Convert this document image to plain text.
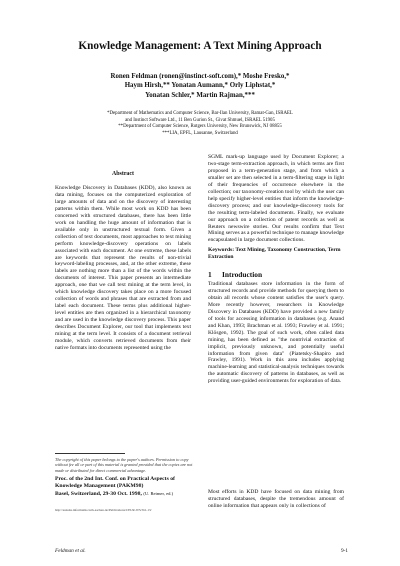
Knowledge Management: A Text Mining Approach
Ronen Feldman (ronen@instinct-soft.com),* Moshe Fresko,*
Haym Hirsh,** Yonatan Aumann,* Orly Liphstat,*
Yonatan Schler,* Martin Rajman,***
*Department of Mathematics and Computer Science, Bar-Ilan University, Ramat-Gan, ISRAEL
and Instinct Software Ltd., 11 Ben Gurion St., Givat Shmuel, ISRAEL 51905
**Department of Computer Science, Rutgers University, New Brunswick, NJ 08855
***LIA, EPFL, Lausanne, Switzerland
Abstract

Knowledge Discovery in Databases (KDD), also known as data mining, focuses on the computerized exploration of large amounts of data and on the discovery of interesting patterns within them. While most work on KDD has been concerned with structured databases, there has been little work on handling the huge amount of information that is available only in unstructured textual form. Given a collection of text documents, most approaches to text mining perform knowledge-discovery operations on labels associated with each document. At one extreme, these labels are keywords that represent the results of non-trivial keyword-labeling processes, and, at the other extreme, these labels are nothing more than a list of the words within the documents of interest. This paper presents an intermediate approach, one that we call text mining at the term level, in which knowledge discovery takes place on a more focused collection of words and phrases that are extracted from and label each document. These terms plus additional higher-level entities are then organized in a hierarchical taxonomy and are used in the knowledge discovery process. This paper describes Document Explorer, our tool that implements text mining at the term level. It consists of a document retrieval module, which converts retrieved documents from their native formats into documents represented using the

The copyright of this paper belongs to the paper's authors. Permission to copy without fee all or part of this material is granted provided that the copies are not made or distributed for direct commercial advantage.
Proc. of the 2nd Int. Conf. on Practical Aspects of
Knowledge Management (PAKM98)
Basel, Switzerland, 29-30 Oct. 1998, (U. Reimer, ed.)
http://sunsite.informatik.rwth-aachen.de/Publications/CEUR-WS/Vol-13/

SGML mark-up language used by Document Explorer; a two-stage term-extraction approach, in which terms are first proposed in a term-generation stage, and from which a smaller set are then selected in a term-filtering stage in light of their frequencies of occurrence elsewhere in the collection; our taxonomy-creation tool by which the user can help specify higher-level entities that inform the knowledge-discovery process; and our knowledge-discovery tools for the resulting term-labeled documents. Finally, we evaluate our approach on a collection of patent records as well as Reuters newswire stories. Our results confirm that Text Mining serves as a powerful technique to manage knowledge encapsulated in large document collections.

Keywords: Text Mining, Taxonomy Construction, Term Extraction
1 Introduction

Traditional databases store information in the form of structured records and provide methods for querying them to obtain all records whose content satisfies the user's query. More recently however, researchers in Knowledge Discovery in Databases (KDD) have provided a new family of tools for accessing information in databases (e.g. Anand and Khan, 1993; Brachman et al. 1993; Frawley et al. 1991; Klösgen, 1992). The goal of such work, often called data mining, has been defined as "the nontrivial extraction of implicit, previously unknown, and potentially useful information from given data" (Piatetsky-Shapiro and Frawley, 1991). Work in this area includes applying machine-learning and statistical-analysis techniques towards the automatic discovery of patterns in databases, as well as providing user-guided environments for exploration of data.

Most efforts in KDD have focused on data mining from structured databases, despite the tremendous amount of online information that appears only in collections of

Feldman et al.	9-1
